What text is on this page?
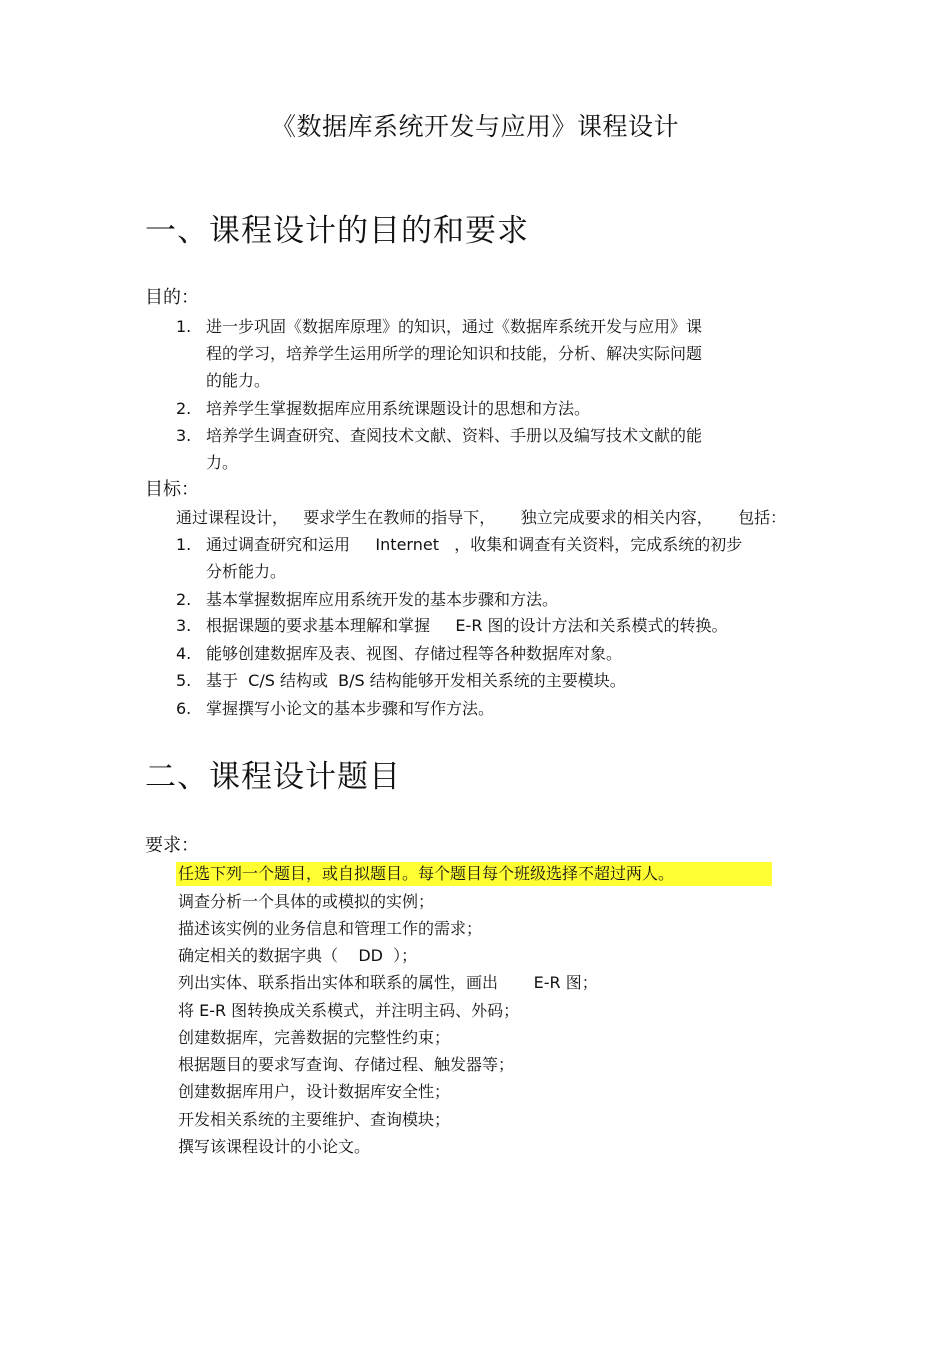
《数据库系统开发与应用》课程设计
一、课程设计的目的和要求
目的：
1. 进一步巩固《数据库原理》的知识，通过《数据库系统开发与应用》课
程的学习，培养学生运用所学的理论知识和技能，分析、解决实际问题
的能力。
2. 培养学生掌握数据库应用系统课题设计的思想和方法。
3. 培养学生调查研究、查阅技术文献、资料、手册以及编写技术文献的能
力。
目标：
通过课程设计，   要求学生在教师的指导下，     独立完成要求的相关内容，     包括：
1. 通过调查研究和运用     Internet   ，收集和调查有关资料，完成系统的初步
分析能力。
2. 基本掌握数据库应用系统开发的基本步骤和方法。
3. 根据课题的要求基本理解和掌握     E-R 图的设计方法和关系模式的转换。
4. 能够创建数据库及表、视图、存储过程等各种数据库对象。
5. 基于  C/S 结构或  B/S 结构能够开发相关系统的主要模块。
6. 掌握撰写小论文的基本步骤和写作方法。
二、课程设计题目
要求：
任选下列一个题目，或自拟题目。每个题目每个班级选择不超过两人。
调查分析一个具体的或模拟的实例；
描述该实例的业务信息和管理工作的需求；
确定相关的数据字典（    DD  ）；
列出实体、联系指出实体和联系的属性，画出       E-R 图；
将 E-R 图转换成关系模式，并注明主码、外码；
创建数据库，完善数据的完整性约束；
根据题目的要求写查询、存储过程、触发器等；
创建数据库用户，设计数据库安全性；
开发相关系统的主要维护、查询模块；
撰写该课程设计的小论文。
